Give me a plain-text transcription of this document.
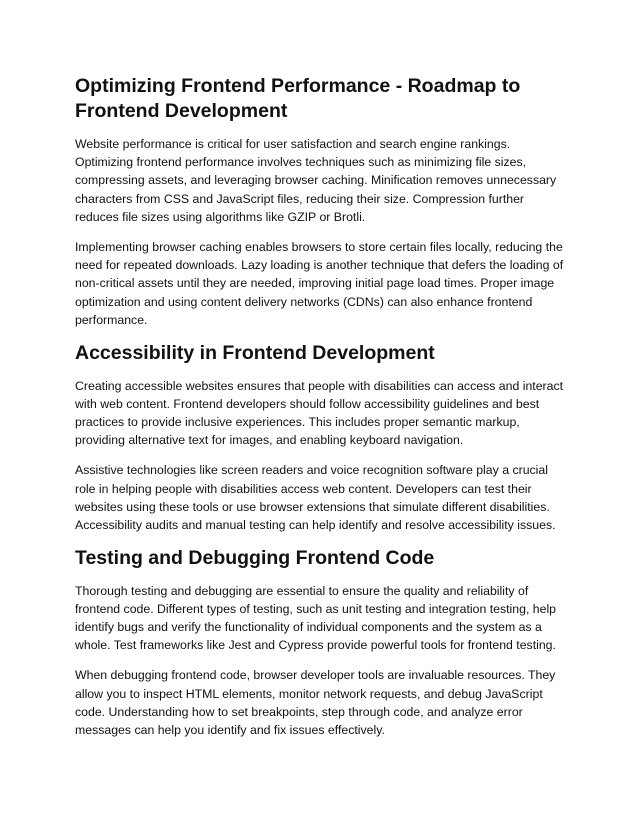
Optimizing Frontend Performance - Roadmap to Frontend Development

Website performance is critical for user satisfaction and search engine rankings. Optimizing frontend performance involves techniques such as minimizing file sizes, compressing assets, and leveraging browser caching. Minification removes unnecessary characters from CSS and JavaScript files, reducing their size. Compression further reduces file sizes using algorithms like GZIP or Brotli.

Implementing browser caching enables browsers to store certain files locally, reducing the need for repeated downloads. Lazy loading is another technique that defers the loading of non-critical assets until they are needed, improving initial page load times. Proper image optimization and using content delivery networks (CDNs) can also enhance frontend performance.

Accessibility in Frontend Development

Creating accessible websites ensures that people with disabilities can access and interact with web content. Frontend developers should follow accessibility guidelines and best practices to provide inclusive experiences. This includes proper semantic markup, providing alternative text for images, and enabling keyboard navigation.

Assistive technologies like screen readers and voice recognition software play a crucial role in helping people with disabilities access web content. Developers can test their websites using these tools or use browser extensions that simulate different disabilities. Accessibility audits and manual testing can help identify and resolve accessibility issues.

Testing and Debugging Frontend Code

Thorough testing and debugging are essential to ensure the quality and reliability of frontend code. Different types of testing, such as unit testing and integration testing, help identify bugs and verify the functionality of individual components and the system as a whole. Test frameworks like Jest and Cypress provide powerful tools for frontend testing.

When debugging frontend code, browser developer tools are invaluable resources. They allow you to inspect HTML elements, monitor network requests, and debug JavaScript code. Understanding how to set breakpoints, step through code, and analyze error messages can help you identify and fix issues effectively.
